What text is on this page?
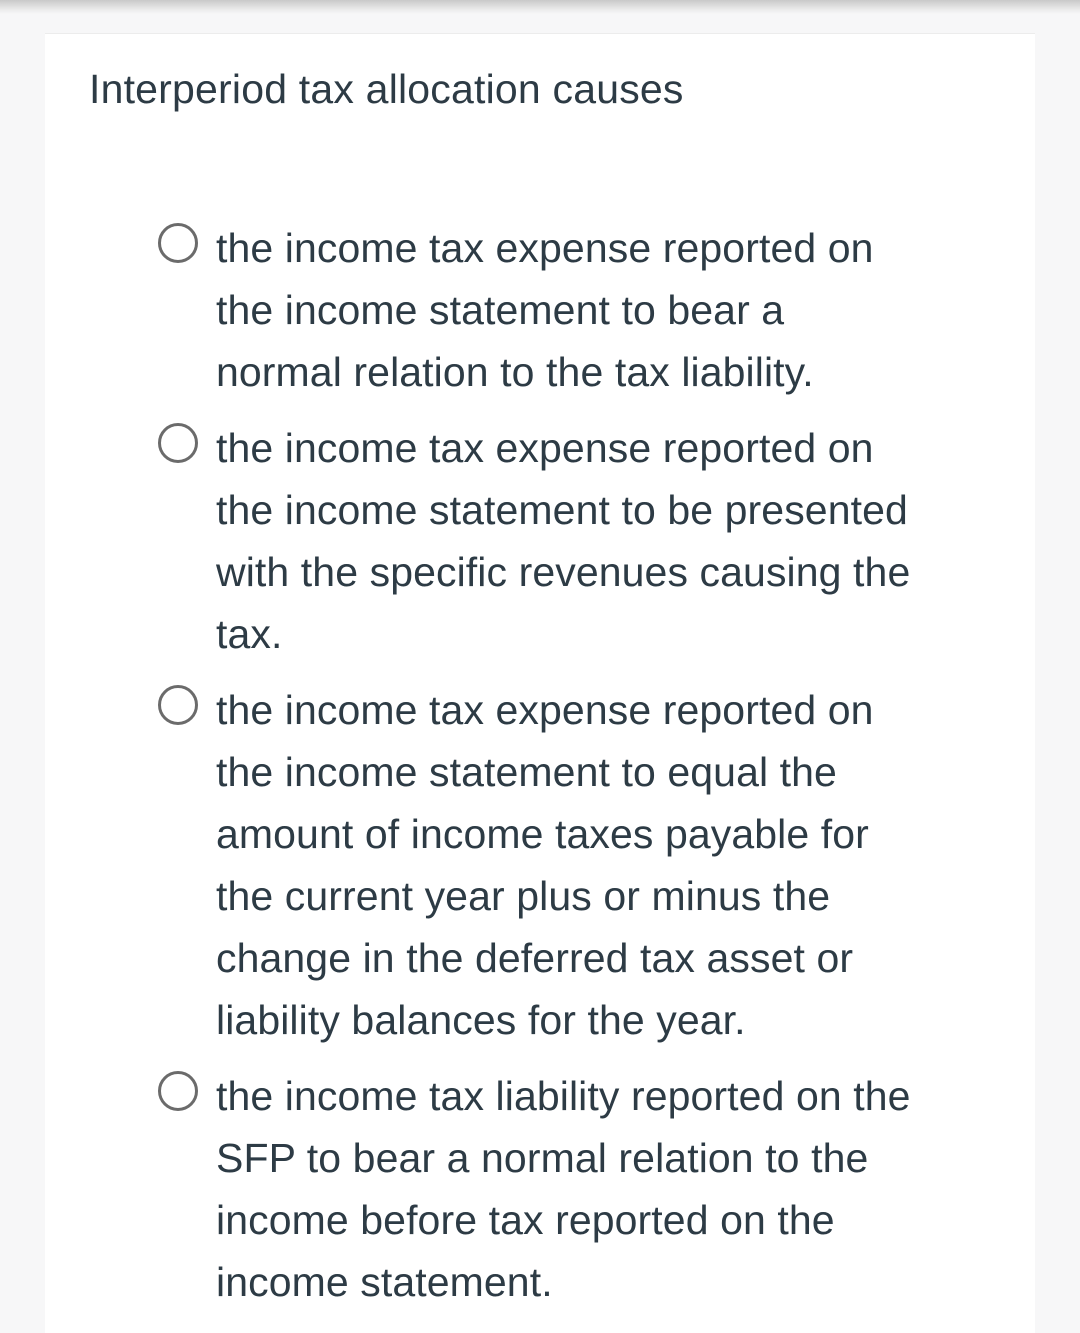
Interperiod tax allocation causes
the income tax expense reported on the income statement to bear a normal relation to the tax liability.
the income tax expense reported on the income statement to be presented with the specific revenues causing the tax.
the income tax expense reported on the income statement to equal the amount of income taxes payable for the current year plus or minus the change in the deferred tax asset or liability balances for the year.
the income tax liability reported on the SFP to bear a normal relation to the income before tax reported on the income statement.
